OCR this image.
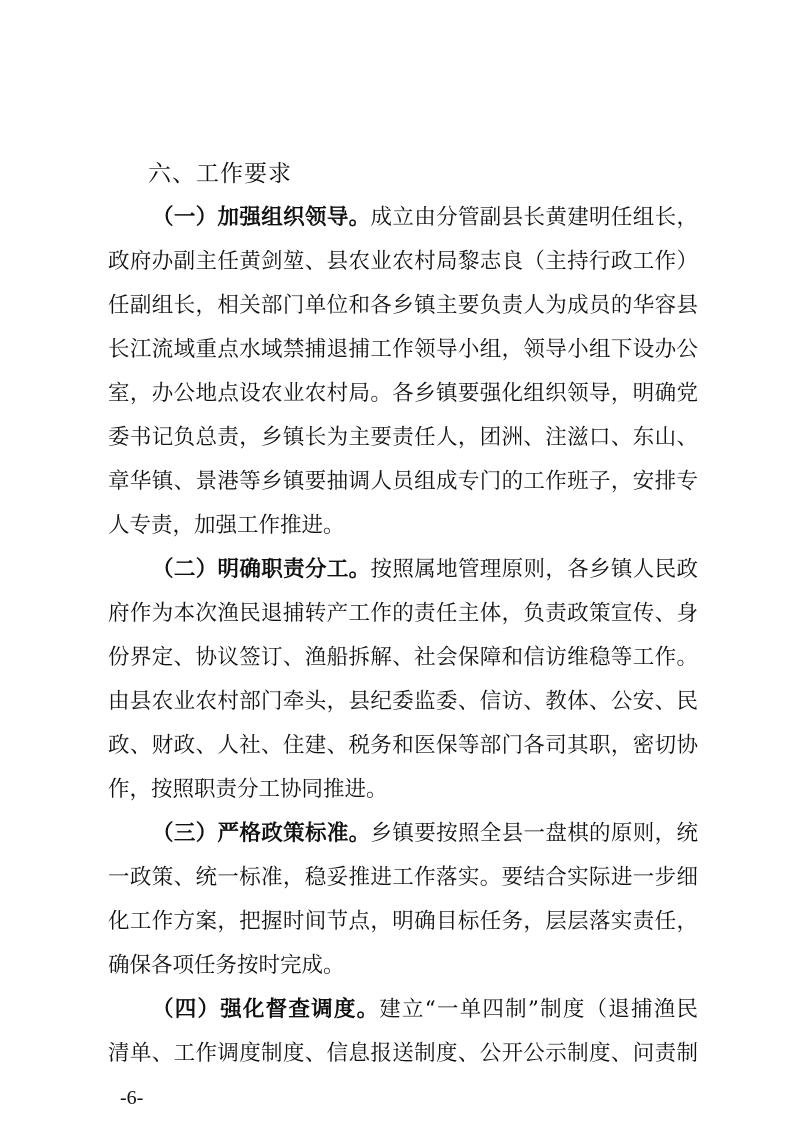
六、工作要求
（一）加强组织领导。成立由分管副县长黄建明任组长，
政府办副主任黄剑堃、县农业农村局黎志良（主持行政工作）
任副组长，相关部门单位和各乡镇主要负责人为成员的华容县
长江流域重点水域禁捕退捕工作领导小组，领导小组下设办公
室，办公地点设农业农村局。各乡镇要强化组织领导，明确党
委书记负总责，乡镇长为主要责任人，团洲、注滋口、东山、
章华镇、景港等乡镇要抽调人员组成专门的工作班子，安排专
人专责，加强工作推进。
（二）明确职责分工。按照属地管理原则，各乡镇人民政
府作为本次渔民退捕转产工作的责任主体，负责政策宣传、身
份界定、协议签订、渔船拆解、社会保障和信访维稳等工作。
由县农业农村部门牵头，县纪委监委、信访、教体、公安、民
政、财政、人社、住建、税务和医保等部门各司其职，密切协
作，按照职责分工协同推进。
（三）严格政策标准。乡镇要按照全县一盘棋的原则，统
一政策、统一标准，稳妥推进工作落实。要结合实际进一步细
化工作方案，把握时间节点，明确目标任务，层层落实责任，
确保各项任务按时完成。
（四）强化督查调度。建立“一单四制”制度（退捕渔民
清单、工作调度制度、信息报送制度、公开公示制度、问责制
-6-
